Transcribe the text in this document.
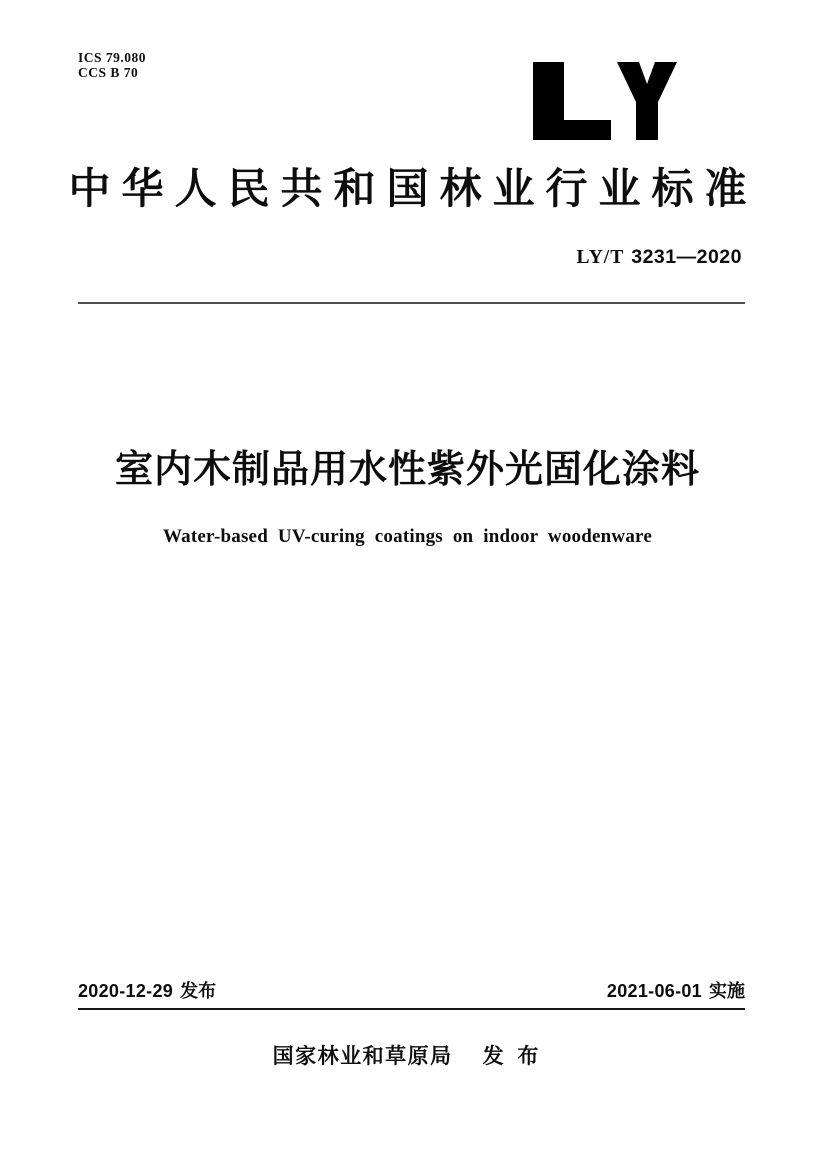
ICS 79.080
CCS B 70
中华人民共和国林业行业标准
LY/T 3231—2020
室内木制品用水性紫外光固化涂料
Water-based UV-curing coatings on indoor woodenware
2020-12-29 发布	2021-06-01 实施
国家林业和草原局 发 布
